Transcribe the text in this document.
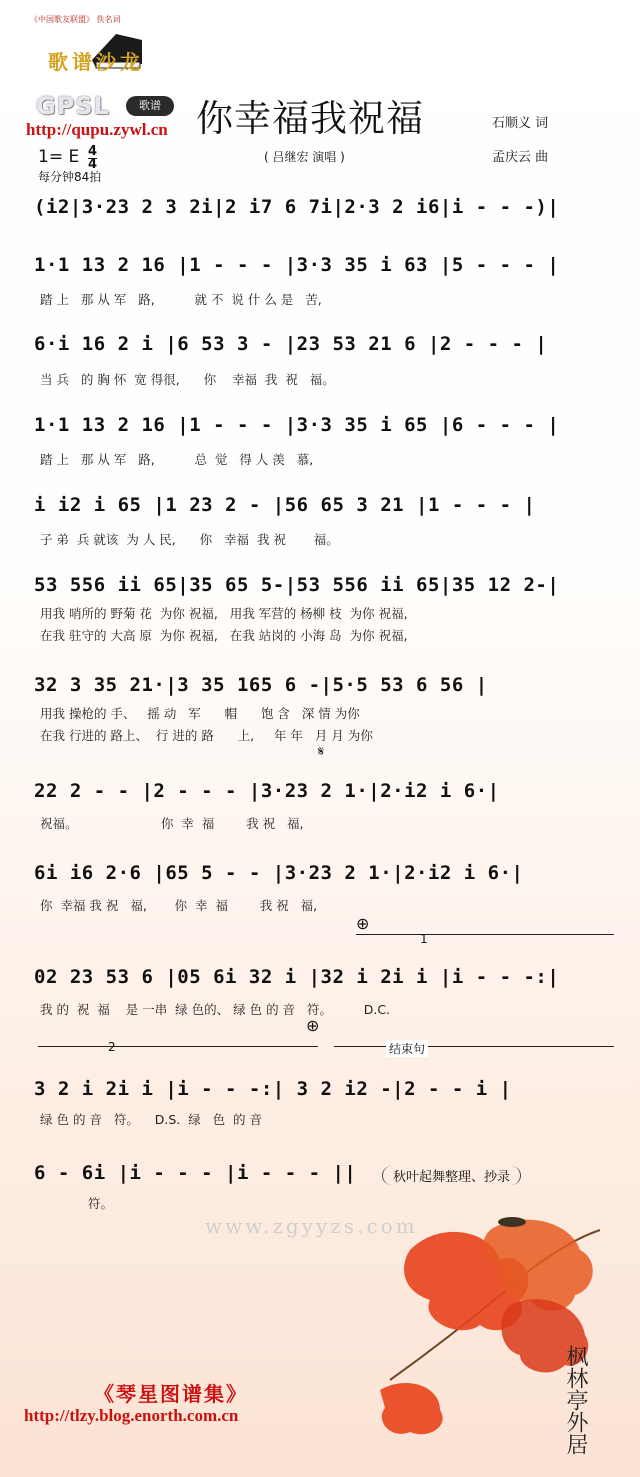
《中国歌友联盟》 佚名词
歌谱沙龙
GPSL	歌谱
http://qupu.zywl.cn 你幸福我祝福	石顺义 词
孟庆云 曲
( 吕继宏 演唱 )
1= E 4
4
每分钟84拍
(i2|3·23 2 3 2i|2 i7 6 7i|2·3 2 i6|i - - -)|
1·1 13 2 16 |1 - - - |3·3 35 i 63 |5 - - - |
踏 上   那 从 军   路,          就 不  说 什 么 是   苦,
6·i 16 2 i |6 53 3 - |23 53 21 6 |2 - - - |
当 兵   的 胸 怀  宽 得很,      你    幸福  我  祝   福。
1·1 13 2 16 |1 - - - |3·3 35 i 65 |6 - - - |
踏 上   那 从 军   路,          总  觉   得 人 羡   慕,
i i2 i 65 |1 23 2 - |56 65 3 21 |1 - - - |
子 弟  兵 就该  为 人 民,      你   幸福  我 祝       福。
53 556 ii 65|35 65 5-|53 556 ii 65|35 12 2-|
用我 哨所的 野菊 花  为你 祝福,   用我 军营的 杨柳 枝  为你 祝福,
在我 驻守的 大高 原  为你 祝福,   在我 站岗的 小海 岛  为你 祝福,
32 3 35 21·|3 35 165 6 -|5·5 53 6 56 |
用我 操枪的 手、   摇 动   军      帽      饱 含   深 情 为你
在我 行进的 路上、  行 进的 路      上,     年 年   月 月 为你
𝄋
22 2 - - |2 - - - |3·23 2 1·|2·i2 i 6·|
祝福。                     你  幸  福        我 祝   福,
6i i6 2·6 |65 5 - - |3·23 2 1·|2·i2 i 6·|
你  幸福 我 祝   福,       你  幸  福        我 祝   福,
⊕
1
02 23 53 6 |05 6i 32 i |32 i 2i i |i - - -:|
我 的  祝  福    是 一串  绿 色的、 绿 色 的 音   符。        D.C.
⊕
2	结束句
3 2 i 2i i |i - - -:| 3 2 i2 -|2 - - i |
绿 色 的 音   符。    D.S.  绿   色  的 音
6 - 6i |i - - - |i - - - ||
符。
秋叶起舞整理、抄录
www.zgyyzs.com
枫林亭外居
《琴星图谱集》
http://tlzy.blog.enorth.com.cn
